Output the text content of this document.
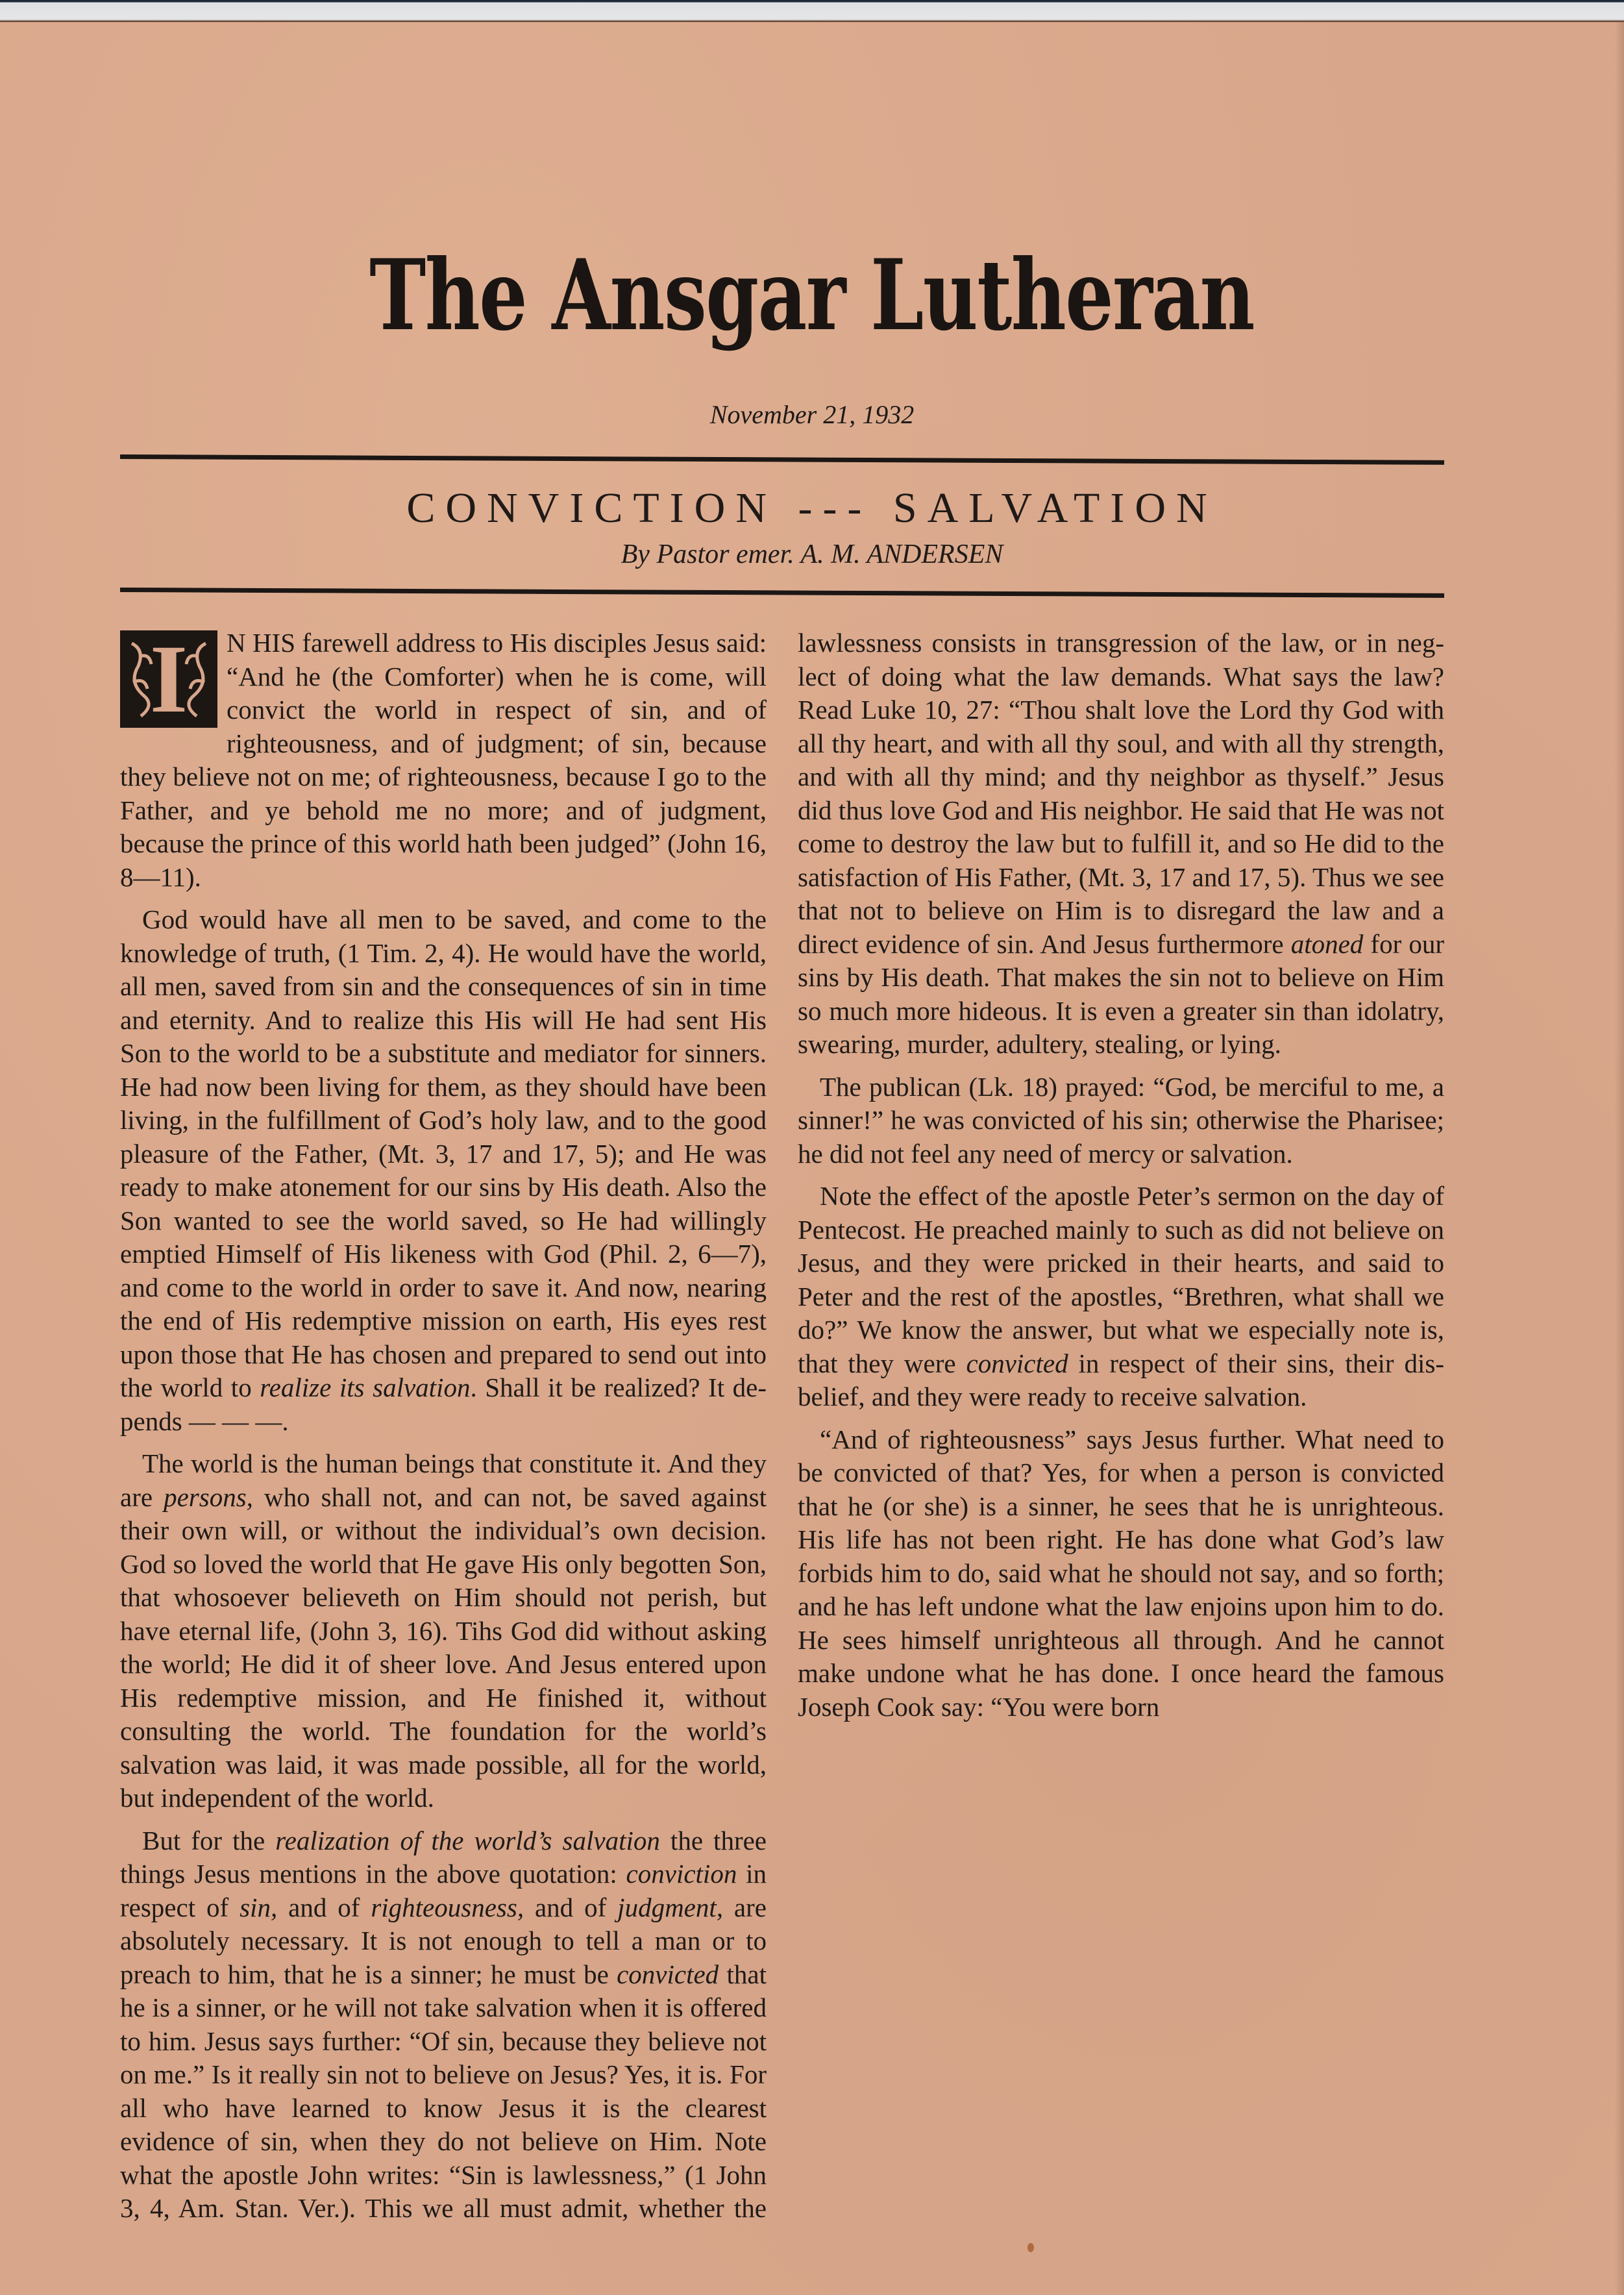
The Ansgar Lutheran
November 21, 1932
CONVICTION --- SALVATION
By Pastor emer. A. M. ANDERSEN

I	N HIS farewell address to His disciples Jesus said: “And he (the Comforter) when he is come, will convict the world in respect of sin, and of righteousness, and of judgment; of sin, because they believe not on me; of righteousness, because I go to the Father, and ye behold me no more; and of judgment, because the prince of this world hath been judged” (John 16, 8—11).

God would have all men to be saved, and come to the knowledge of truth, (1 Tim. 2, 4). He would have the world, all men, saved from sin and the consequences of sin in time and eternity. And to realize this His will He had sent His Son to the world to be a substitute and mediator for sinners. He had now been living for them, as they should have been living, in the fulfillment of God’s holy law, and to the good pleasure of the Father, (Mt. 3, 17 and 17, 5); and He was ready to make atonement for our sins by His death. Also the Son wanted to see the world saved, so He had willingly emptied Himself of His likeness with God (Phil. 2, 6—7), and come to the world in order to save it. And now, nearing the end of His redemptive mission on earth, His eyes rest upon those that He has chosen and prepared to send out into the world to realize its salvation. Shall it be realized? It depends — — —.

The world is the human beings that constitute it. And they are persons, who shall not, and can not, be saved against their own will, or without the individual’s own decision. God so loved the world that He gave His only begotten Son, that whosoever believeth on Him should not perish, but have eternal life, (John 3, 16). Tihs God did without asking the world; He did it of sheer love. And Jesus entered upon His redemptive mission, and He finished it, without consulting the world. The foundation for the world’s salvation was laid, it was made possible, all for the world, but independent of the world.

But for the realization of the world’s salvation the three things Jesus mentions in the above quotation: conviction in respect of sin, and of righteousness, and of judgment, are absolutely necessary. It is not enough to tell a man or to preach to him, that he is a sinner; he must be convicted that he is a sinner, or he will not take salvation when it is offered to him. Jesus says further: “Of sin, because they believe not on me.” Is it really sin not to believe on Jesus? Yes, it is. For all who have learned to know Jesus it is the clearest evidence of sin, when they do not believe on Him. Note what the apostle John writes: “Sin is lawlessness,” (1 John 3, 4, Am. Stan. Ver.). This we all must admit, whether the lawlessness consists in transgression of the law, or in neglect of doing what the law demands. What says the law? Read Luke 10, 27: “Thou shalt love the Lord thy God with all thy heart, and with all thy soul, and with all thy strength, and with all thy mind; and thy neighbor as thyself.” Jesus did thus love God and His neighbor. He said that He was not come to destroy the law but to fulfill it, and so He did to the satisfaction of His Father, (Mt. 3, 17 and 17, 5). Thus we see that not to believe on Him is to disregard the law and a direct evidence of sin. And Jesus furthermore atoned for our sins by His death. That makes the sin not to believe on Him so much more hideous. It is even a greater sin than idolatry, swearing, murder, adultery, stealing, or lying.

The publican (Lk. 18) prayed: “God, be merciful to me, a sinner!” he was convicted of his sin; otherwise the Pharisee; he did not feel any need of mercy or salvation.

Note the effect of the apostle Peter’s sermon on the day of Pentecost. He preached mainly to such as did not believe on Jesus, and they were pricked in their hearts, and said to Peter and the rest of the apostles, “Brethren, what shall we do?” We know the answer, but what we especially note is, that they were convicted in respect of their sins, their disbelief, and they were ready to receive salvation.

“And of righteousness” says Jesus further. What need to be convicted of that? Yes, for when a person is convicted that he (or she) is a sinner, he sees that he is unrighteous. His life has not been right. He has done what God’s law forbids him to do, said what he should not say, and so forth; and he has left undone what the law enjoins upon him to do. He sees himself unrighteous all through. And he cannot make undone what he has done. I once heard the famous Joseph Cook say: “You were born
